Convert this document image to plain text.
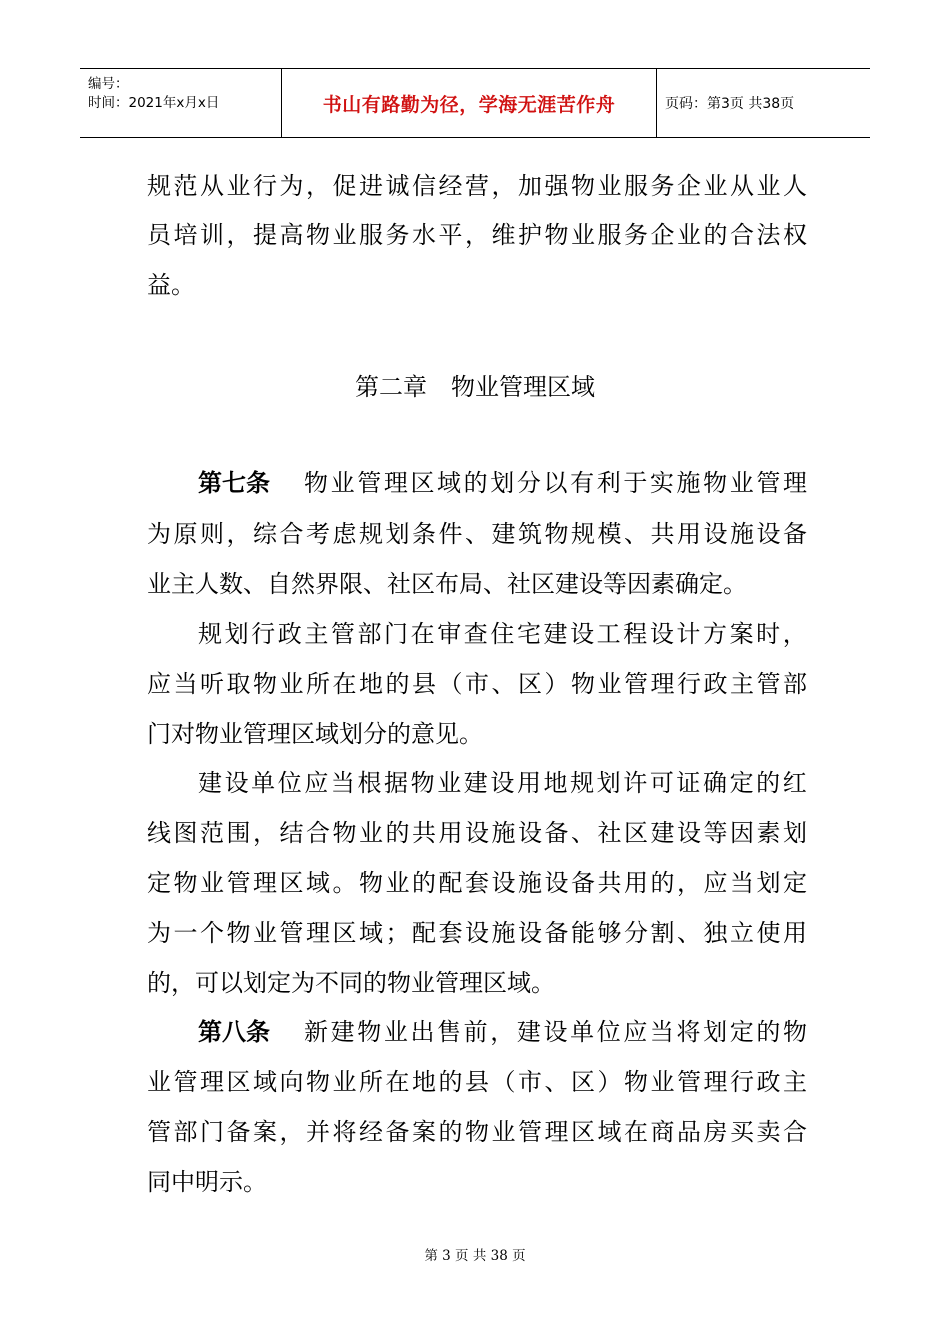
编号：
时间：2021年x月x日	书山有路勤为径，学海无涯苦作舟	页码：第3页 共38页
规 范 从 业 行 为 ， 促 进 诚 信 经 营 ， 加 强 物 业 服 务 企 业 从 业 人
员 培 训 ， 提 高 物 业 服 务 水 平 ， 维 护 物 业 服 务 企 业 的 合 法 权
益。
第二章　物业管理区域
第七条 物 业 管 理 区 域 的 划 分 以 有 利 于 实 施 物 业 管 理
为 原 则 ， 综 合 考 虑 规 划 条 件 、 建 筑 物 规 模 、 共 用 设 施 设 备
业主人数、自然界限、社区布局、社区建设等因素确定。
规 划 行 政 主 管 部 门 在 审 查 住 宅 建 设 工 程 设 计 方 案 时 ，
应 当 听 取 物 业 所 在 地 的 县 （ 市 、 区 ） 物 业 管 理 行 政 主 管 部
门对物业管理区域划分的意见。
建 设 单 位 应 当 根 据 物 业 建 设 用 地 规 划 许 可 证 确 定 的 红
线 图 范 围 ， 结 合 物 业 的 共 用 设 施 设 备 、 社 区 建 设 等 因 素 划
定 物 业 管 理 区 域 。 物 业 的 配 套 设 施 设 备 共 用 的 ， 应 当 划 定
为 一 个 物 业 管 理 区 域 ； 配 套 设 施 设 备 能 够 分 割 、 独 立 使 用
的，可以划定为不同的物业管理区域。
第八条 新 建 物 业 出 售 前 ， 建 设 单 位 应 当 将 划 定 的 物
业 管 理 区 域 向 物 业 所 在 地 的 县 （ 市 、 区 ） 物 业 管 理 行 政 主
管 部 门 备 案 ， 并 将 经 备 案 的 物 业 管 理 区 域 在 商 品 房 买 卖 合
同中明示。
第 3 页 共 38 页
